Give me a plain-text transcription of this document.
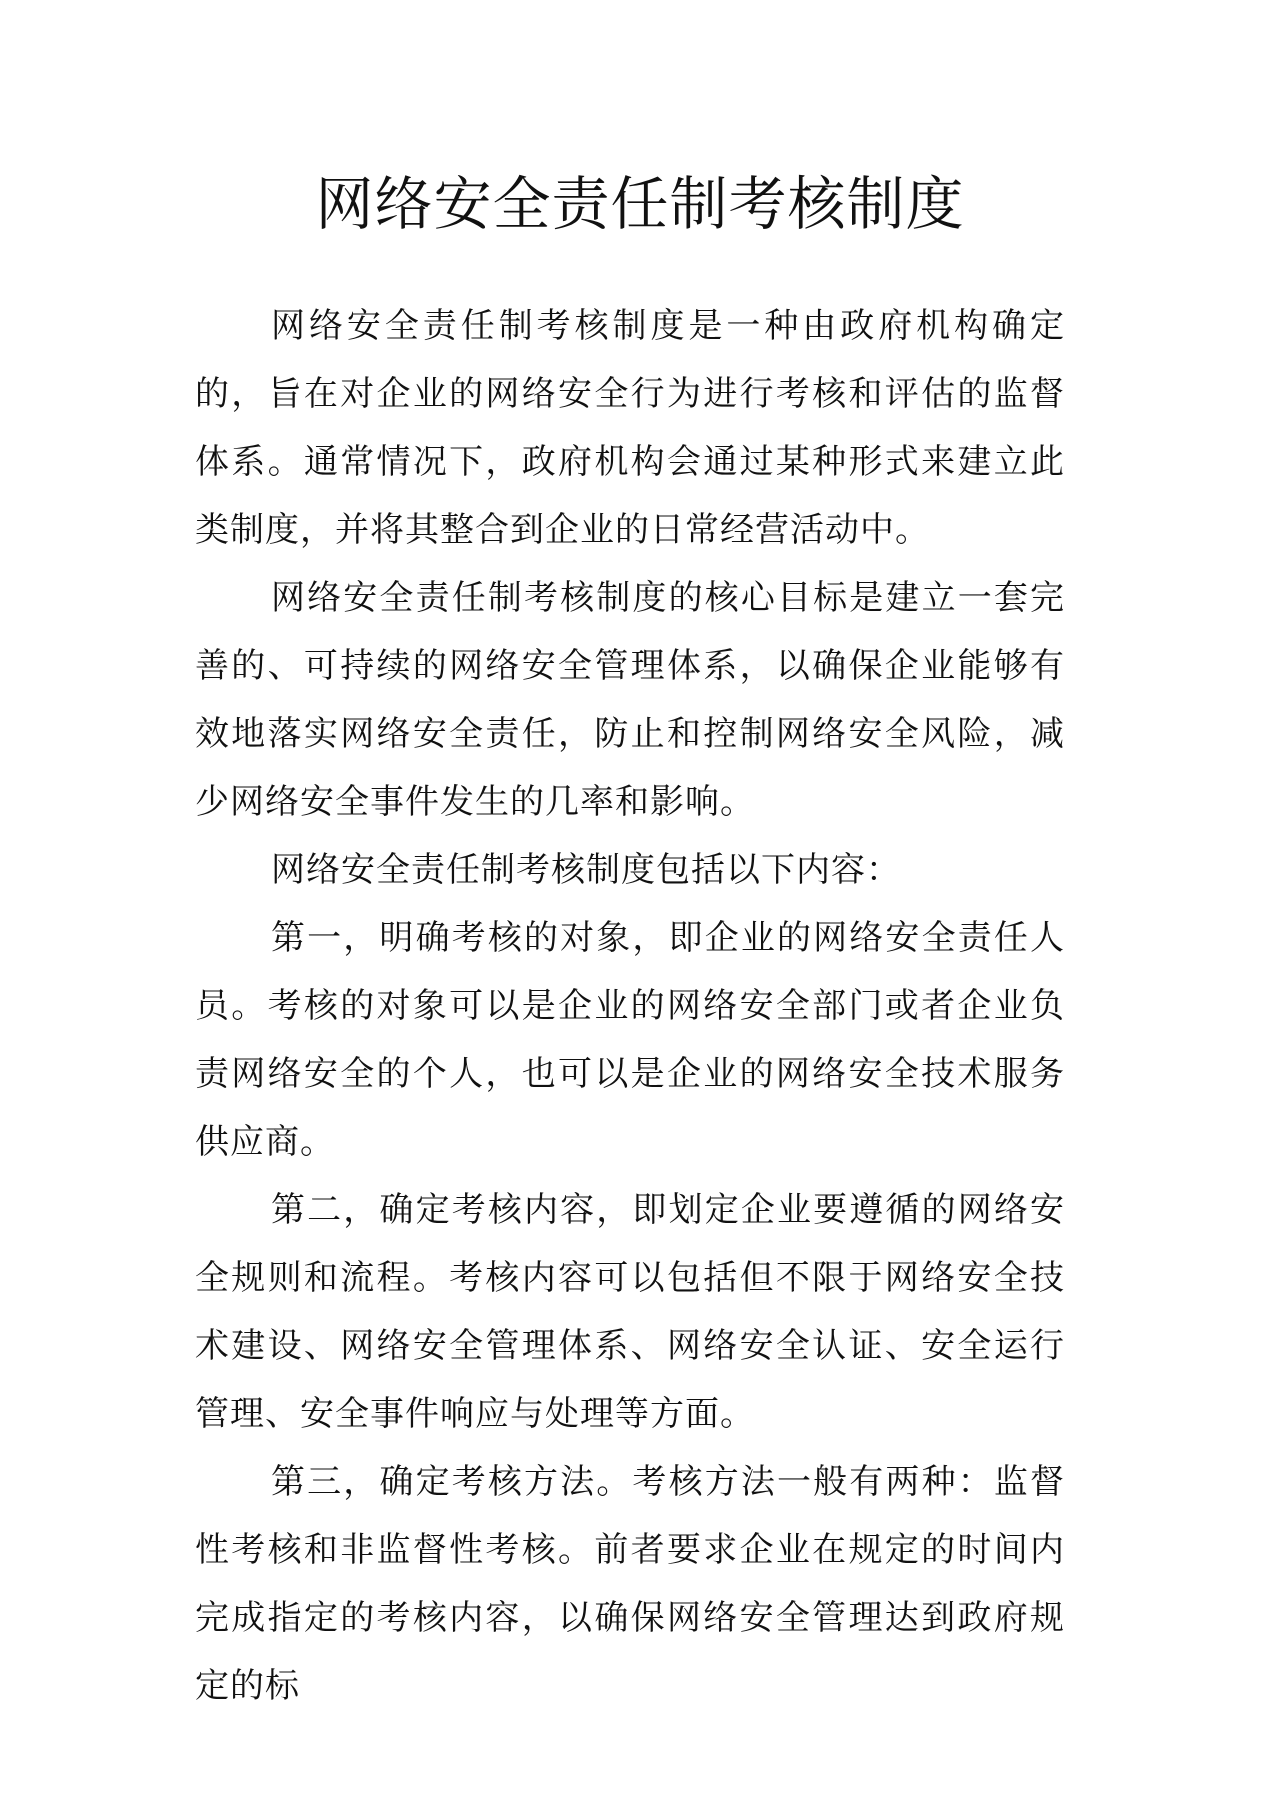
网络安全责任制考核制度

网络安全责任制考核制度是一种由政府机构确定的，旨在对企业的网络安全行为进行考核和评估的监督体系。通常情况下，政府机构会通过某种形式来建立此类制度，并将其整合到企业的日常经营活动中。

网络安全责任制考核制度的核心目标是建立一套完善的、可持续的网络安全管理体系，以确保企业能够有效地落实网络安全责任，防止和控制网络安全风险，减少网络安全事件发生的几率和影响。

网络安全责任制考核制度包括以下内容：

第一，明确考核的对象，即企业的网络安全责任人员。考核的对象可以是企业的网络安全部门或者企业负责网络安全的个人，也可以是企业的网络安全技术服务供应商。

第二，确定考核内容，即划定企业要遵循的网络安全规则和流程。考核内容可以包括但不限于网络安全技术建设、网络安全管理体系、网络安全认证、安全运行管理、安全事件响应与处理等方面。

第三，确定考核方法。考核方法一般有两种：监督性考核和非监督性考核。前者要求企业在规定的时间内完成指定的考核内容，以确保网络安全管理达到政府规定的标
